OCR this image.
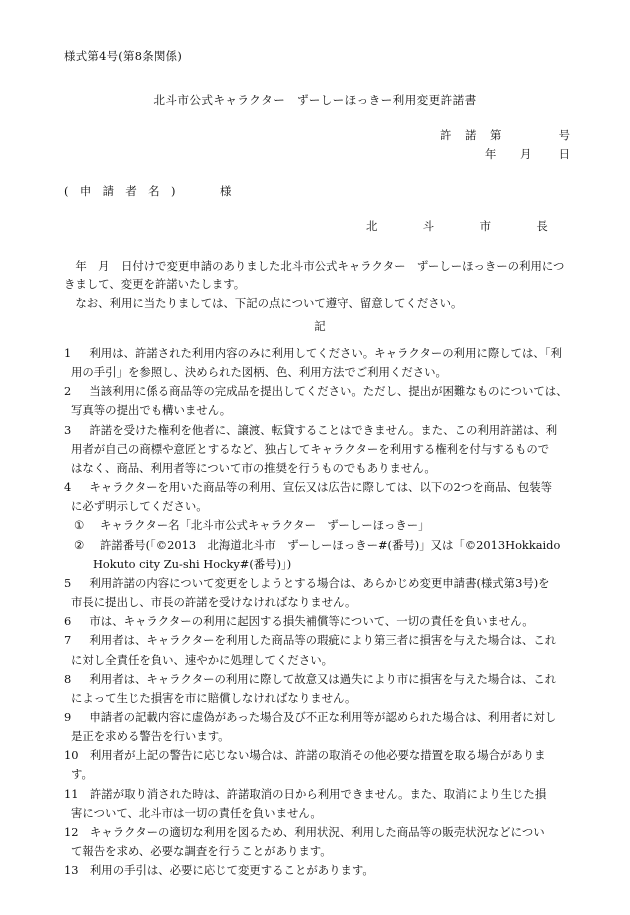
様式第4号(第8条関係)
北斗市公式キャラクター　ずーしーほっきー利用変更許諾書
許 諾 第	号
年 月 日
(　申　請　者　名　)	様
北　斗　市　長

年　月　日付けで変更申請のありました北斗市公式キャラクター　ずーしーほっきーの利用につきまして、変更を許諾いたします。

なお、利用に当たりましては、下記の点について遵守、留意してください。

記
1　 利用は、許諾された利用内容のみに利用してください。キャラクターの利用に際しては、「利
用の手引」を参照し、決められた図柄、色、利用方法でご利用ください。
2　 当該利用に係る商品等の完成品を提出してください。ただし、提出が困難なものについては、
写真等の提出でも構いません。
3　 許諾を受けた権利を他者に、譲渡、転貸することはできません。また、この利用許諾は、利
用者が自己の商標や意匠とするなど、独占してキャラクターを利用する権利を付与するもので
はなく、商品、利用者等について市の推奨を行うものでもありません。
4　 キャラクターを用いた商品等の利用、宣伝又は広告に際しては、以下の2つを商品、包装等
に必ず明示してください。
① キャラクター名「北斗市公式キャラクター　ずーしーほっきー」
② 許諾番号(「©2013　北海道北斗市　ずーしーほっきー#(番号)」又は「©2013Hokkaido
Hokuto city Zu-shi Hocky#(番号)」)
5　 利用許諾の内容について変更をしようとする場合は、あらかじめ変更申請書(様式第3号)を
市長に提出し、市長の許諾を受けなければなりません。
6　 市は、キャラクターの利用に起因する損失補償等について、一切の責任を負いません。
7　 利用者は、キャラクターを利用した商品等の瑕疵により第三者に損害を与えた場合は、これ
に対し全責任を負い、速やかに処理してください。
8　 利用者は、キャラクターの利用に際して故意又は過失により市に損害を与えた場合は、これ
によって生じた損害を市に賠償しなければなりません。
9　 申請者の記載内容に虚偽があった場合及び不正な利用等が認められた場合は、利用者に対し
是正を求める警告を行います。
10　 利用者が上記の警告に応じない場合は、許諾の取消その他必要な措置を取る場合がありま
す。
11　 許諾が取り消された時は、許諾取消の日から利用できません。また、取消により生じた損
害について、北斗市は一切の責任を負いません。
12　 キャラクターの適切な利用を図るため、利用状況、利用した商品等の販売状況などについ
て報告を求め、必要な調査を行うことがあります。
13　 利用の手引は、必要に応じて変更することがあります。
